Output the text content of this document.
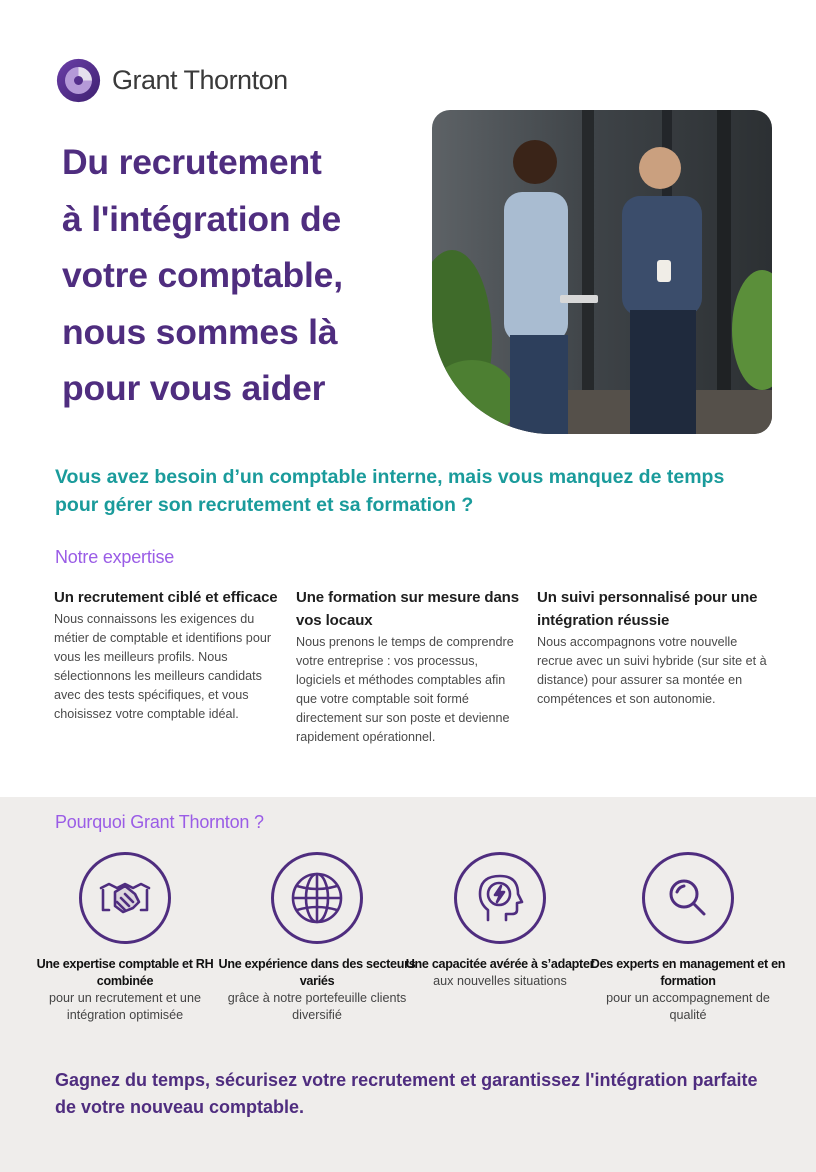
Grant Thornton
Du recrutement
à l'intégration de
votre comptable,
nous sommes là
pour vous aider
Vous avez besoin d’un comptable interne, mais vous manquez de temps pour gérer son recrutement et sa formation ?
Notre expertise
Un recrutement ciblé et efficace

Nous connaissons les exigences du métier de comptable et identifions pour vous les meilleurs profils. Nous sélectionnons les meilleurs candidats avec des tests spécifiques, et vous choisissez votre comptable idéal.

Une formation sur mesure dans vos locaux

Nous prenons le temps de comprendre votre entreprise : vos processus, logiciels et méthodes comptables afin que votre comptable soit formé directement sur son poste et devienne rapidement opérationnel.

Un suivi personnalisé pour une intégration réussie

Nous accompagnons votre nouvelle recrue avec un suivi hybride (sur site et à distance) pour assurer sa montée en compétences et son autonomie.

Pourquoi Grant Thornton ?
Une expertise comptable et RH combinée

pour un recrutement et une intégration optimisée

Une expérience dans des secteurs variés

grâce à notre portefeuille clients diversifié

Une capacitée avérée à s’adapter

aux nouvelles situations

Des experts en management et en formation

pour un accompagnement de qualité

Gagnez du temps, sécurisez votre recrutement et garantissez l'intégration parfaite de votre nouveau comptable.
